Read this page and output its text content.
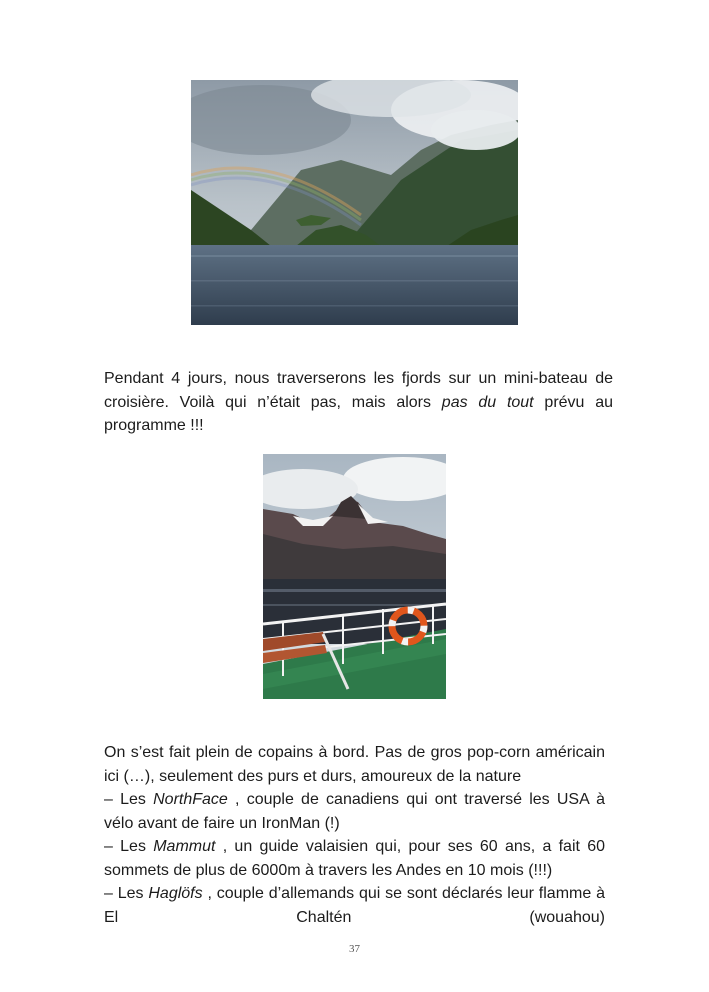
Pendant 4 jours, nous traverserons les fjords sur un mini-bateau de croisière. Voilà qui n’était pas, mais alors pas du tout prévu au programme !!!

On s’est fait plein de copains à bord. Pas de gros pop-corn américain ici (…), seulement des purs et durs, amoureux de la nature

– Les NorthFace , couple de canadiens qui ont traversé les USA à vélo avant de faire un IronMan (!)

– Les Mammut , un guide valaisien qui, pour ses 60 ans, a fait 60 sommets de plus de 6000m à travers les Andes en 10 mois (!!!)

– Les Haglöfs , couple d’allemands qui se sont déclarés leur flamme à

El Chaltén (wouahou)

37
